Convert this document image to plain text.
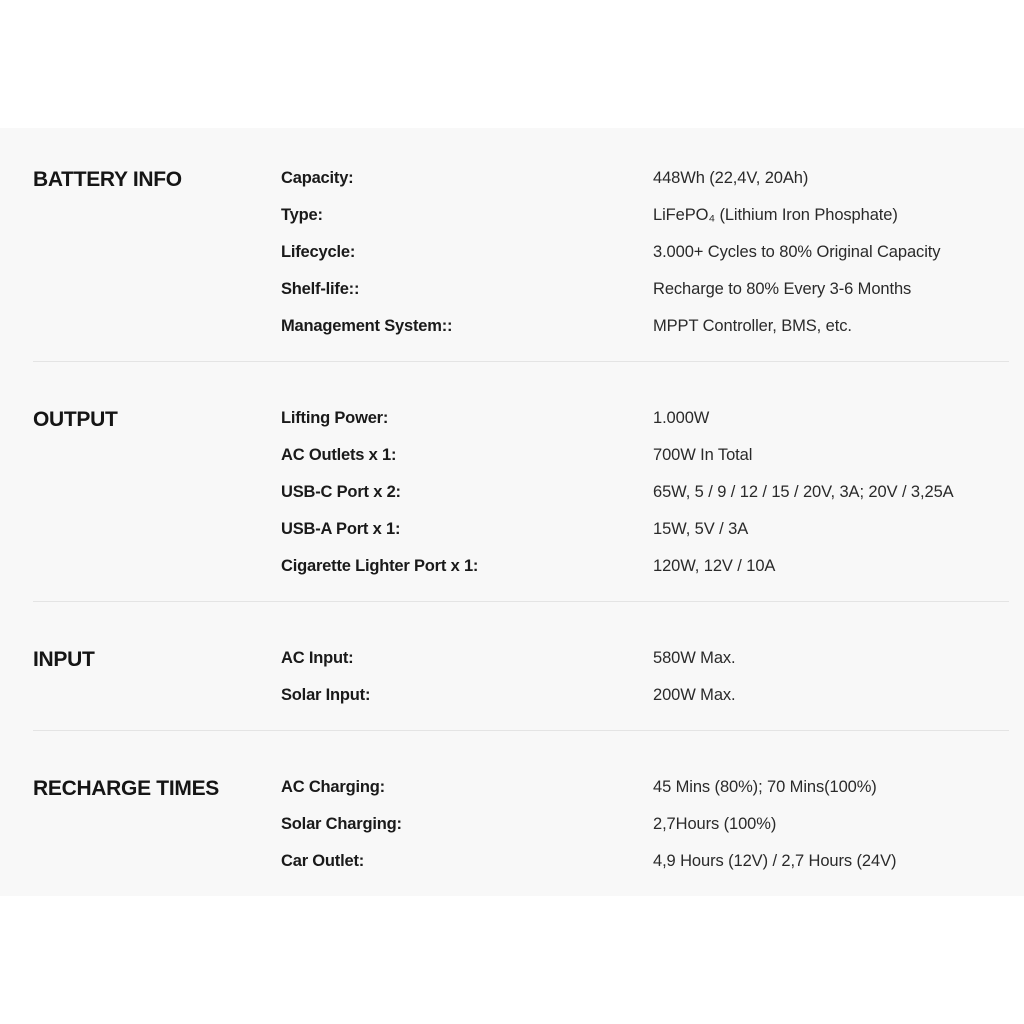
BATTERY INFO	Capacity:	448Wh (22,4V, 20Ah)
Type:	LiFePO₄ (Lithium Iron Phosphate)
Lifecycle:	3.000+ Cycles to 80% Original Capacity
Shelf-life::	Recharge to 80% Every 3-6 Months
Management System::	MPPT Controller, BMS, etc.
OUTPUT	Lifting Power:	1.000W
AC Outlets x 1:	700W In Total
USB-C Port x 2:	65W, 5 / 9 / 12 / 15 / 20V, 3A; 20V / 3,25A
USB-A Port x 1:	15W, 5V / 3A
Cigarette Lighter Port x 1:	120W, 12V / 10A
INPUT	AC Input:	580W Max.
Solar Input:	200W Max.
RECHARGE TIMES	AC Charging:	45 Mins (80%); 70 Mins(100%)
Solar Charging:	2,7Hours (100%)
Car Outlet:	4,9 Hours (12V) / 2,7 Hours (24V)
